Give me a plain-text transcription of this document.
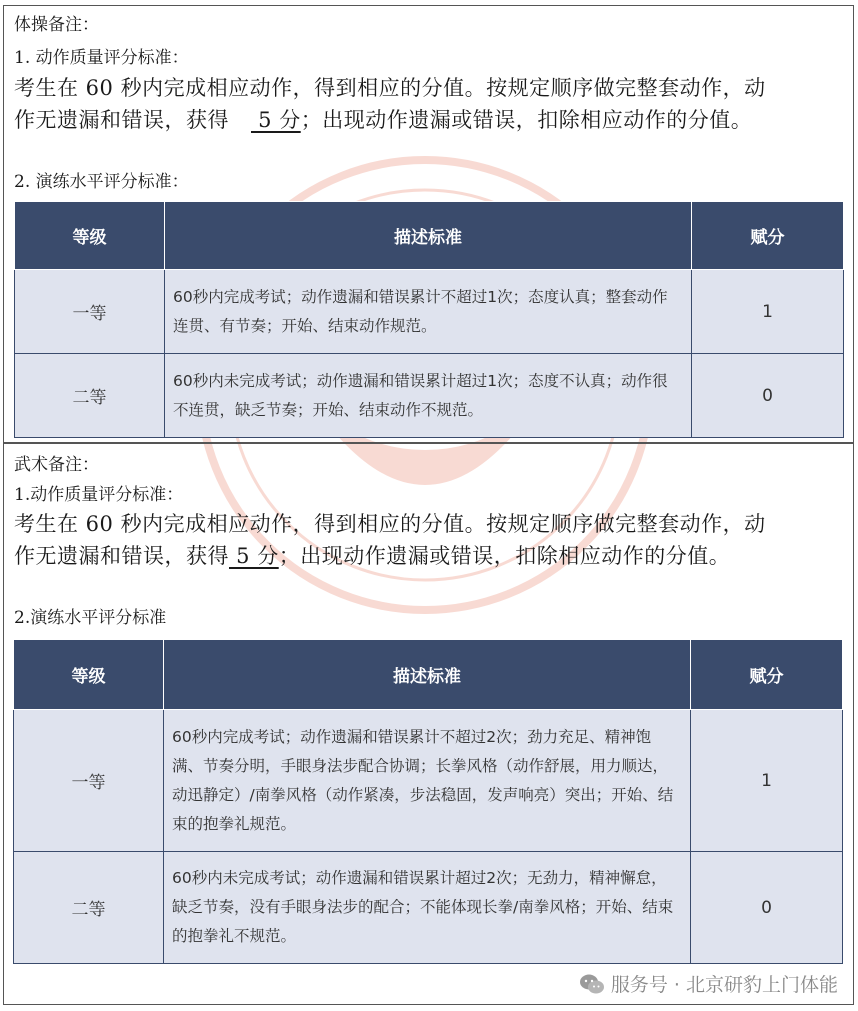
体操备注：
1. 动作质量评分标准：
考生在 60 秒内完成相应动作，得到相应的分值。按规定顺序做完整套动作，动
作无遗漏和错误，获得 5 分；出现动作遗漏或错误，扣除相应动作的分值。
2. 演练水平评分标准：
等级	描述标准	赋分
一等	60秒内完成考试；动作遗漏和错误累计不超过1次；态度认真；整套动作连贯、有节奏；开始、结束动作规范。	1
二等	60秒内未完成考试；动作遗漏和错误累计超过1次；态度不认真；动作很不连贯，缺乏节奏；开始、结束动作不规范。	0
武术备注：
1.动作质量评分标准：
考生在 60 秒内完成相应动作，得到相应的分值。按规定顺序做完整套动作，动
作无遗漏和错误，获得 5 分；出现动作遗漏或错误，扣除相应动作的分值。
2.演练水平评分标准
等级	描述标准	赋分
一等	60秒内完成考试；动作遗漏和错误累计不超过2次；劲力充足、精神饱满、节奏分明，手眼身法步配合协调；长拳风格（动作舒展，用力顺达，动迅静定）/南拳风格（动作紧凑，步法稳固，发声响亮）突出；开始、结束的抱拳礼规范。	1
二等	60秒内未完成考试；动作遗漏和错误累计超过2次；无劲力，精神懈怠，缺乏节奏，没有手眼身法步的配合；不能体现长拳/南拳风格；开始、结束的抱拳礼不规范。	0
服务号 · 北京研豹上门体能
